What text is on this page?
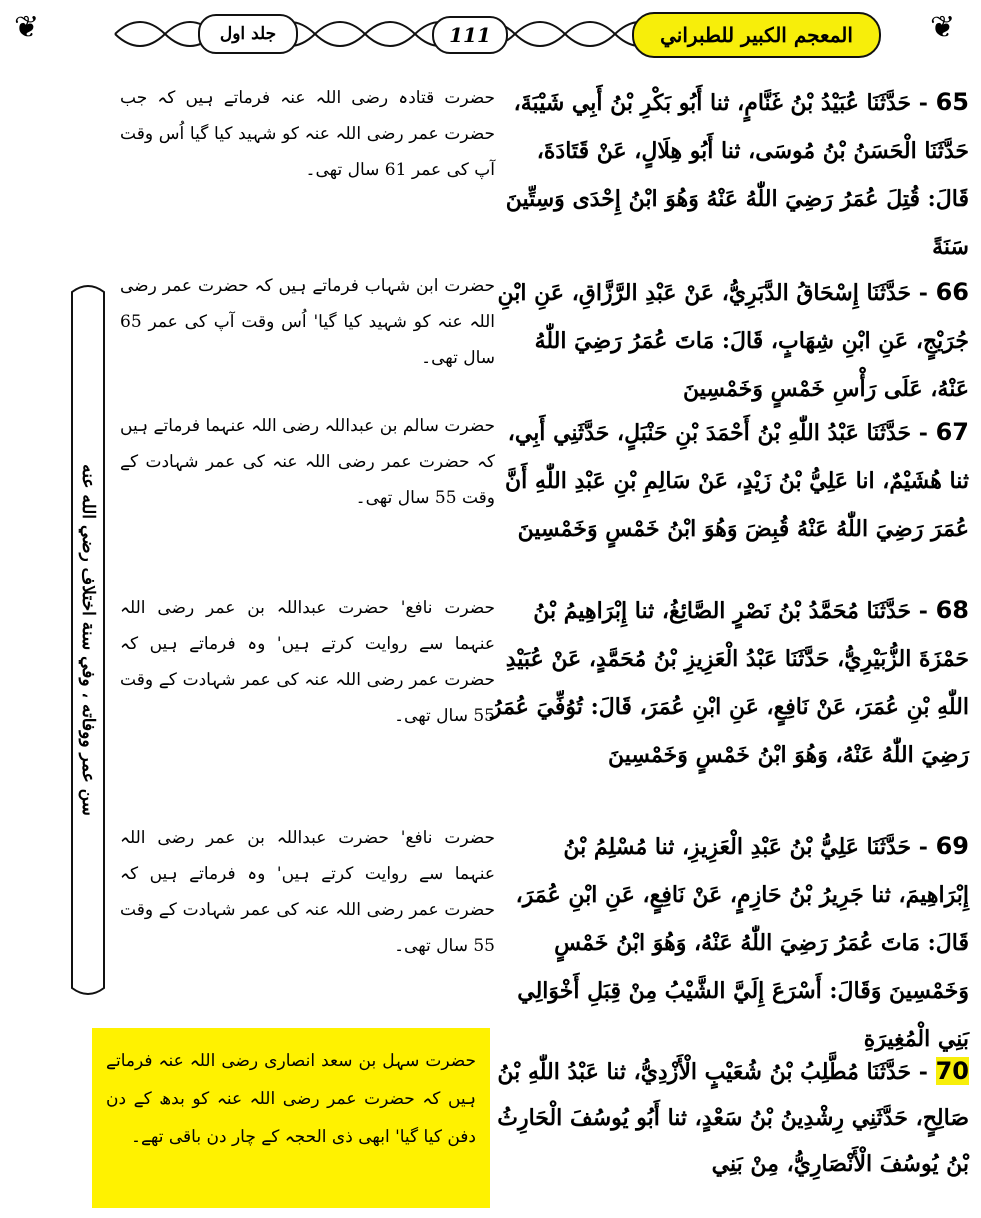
❦	جلد اول	111	المعجم الكبير للطبراني	❦
سن عمر ووفاته ، وفي سنة اختلاف رضي الله عنه
65 - حَدَّثَنَا عُبَيْدُ بْنُ غَنَّامٍ، ثنا أَبُو بَكْرِ بْنُ أَبِي شَيْبَةَ، حَدَّثَنَا الْحَسَنُ بْنُ مُوسَى، ثنا أَبُو هِلَالٍ، عَنْ قَتَادَةَ، قَالَ: قُتِلَ عُمَرُ رَضِيَ اللّٰهُ عَنْهُ وَهُوَ ابْنُ إِحْدَى وَسِتِّينَ سَنَةً
حضرت قتادہ رضی اللہ عنہ فرماتے ہیں کہ جب حضرت عمر رضی اللہ عنہ کو شہید کیا گیا اُس وقت آپ کی عمر 61 سال تھی۔
66 - حَدَّثَنَا إِسْحَاقُ الدَّبَرِيُّ، عَنْ عَبْدِ الرَّزَّاقِ، عَنِ ابْنِ جُرَيْجٍ، عَنِ ابْنِ شِهَابٍ، قَالَ: مَاتَ عُمَرُ رَضِيَ اللّٰهُ عَنْهُ، عَلَى رَأْسِ خَمْسٍ وَخَمْسِينَ
حضرت ابن شہاب فرماتے ہیں کہ حضرت عمر رضی اللہ عنہ کو شہید کیا گیا' اُس وقت آپ کی عمر 65 سال تھی۔
67 - حَدَّثَنَا عَبْدُ اللّٰهِ بْنُ أَحْمَدَ بْنِ حَنْبَلٍ، حَدَّثَنِي أَبِي، ثنا هُشَيْمٌ، انا عَلِيُّ بْنُ زَيْدٍ، عَنْ سَالِمِ بْنِ عَبْدِ اللّٰهِ أَنَّ عُمَرَ رَضِيَ اللّٰهُ عَنْهُ قُبِضَ وَهُوَ ابْنُ خَمْسٍ وَخَمْسِينَ
حضرت سالم بن عبداللہ رضی اللہ عنہما فرماتے ہیں کہ حضرت عمر رضی اللہ عنہ کی عمر شہادت کے وقت 55 سال تھی۔
68 - حَدَّثَنَا مُحَمَّدُ بْنُ نَصْرٍ الصَّائِغُ، ثنا إِبْرَاهِيمُ بْنُ حَمْزَةَ الزُّبَيْرِيُّ، حَدَّثَنَا عَبْدُ الْعَزِيزِ بْنُ مُحَمَّدٍ، عَنْ عُبَيْدِ اللّٰهِ بْنِ عُمَرَ، عَنْ نَافِعٍ، عَنِ ابْنِ عُمَرَ، قَالَ: تُوُفِّيَ عُمَرُ رَضِيَ اللّٰهُ عَنْهُ، وَهُوَ ابْنُ خَمْسٍ وَخَمْسِينَ
حضرت نافع' حضرت عبداللہ بن عمر رضی اللہ عنہما سے روایت کرتے ہیں' وہ فرماتے ہیں کہ حضرت عمر رضی اللہ عنہ کی عمر شہادت کے وقت 55 سال تھی۔
69 - حَدَّثَنَا عَلِيُّ بْنُ عَبْدِ الْعَزِيزِ، ثنا مُسْلِمُ بْنُ إِبْرَاهِيمَ، ثنا جَرِيرُ بْنُ حَازِمٍ، عَنْ نَافِعٍ، عَنِ ابْنِ عُمَرَ، قَالَ: مَاتَ عُمَرُ رَضِيَ اللّٰهُ عَنْهُ، وَهُوَ ابْنُ خَمْسٍ وَخَمْسِينَ وَقَالَ: أَسْرَعَ إِلَيَّ الشَّيْبُ مِنْ قِبَلِ أَخْوَالِي بَنِي الْمُغِيرَةِ
حضرت نافع' حضرت عبداللہ بن عمر رضی اللہ عنہما سے روایت کرتے ہیں' وہ فرماتے ہیں کہ حضرت عمر رضی اللہ عنہ کی عمر شہادت کے وقت 55 سال تھی۔
70 - حَدَّثَنَا مُطَّلِبُ بْنُ شُعَيْبٍ الْأَزْدِيُّ، ثنا عَبْدُ اللّٰهِ بْنُ صَالِحٍ، حَدَّثَنِي رِشْدِينُ بْنُ سَعْدٍ، ثنا أَبُو يُوسُفَ الْحَارِثُ بْنُ يُوسُفَ الْأَنْصَارِيُّ، مِنْ بَنِي

حضرت سہل بن سعد انصاری رضی اللہ عنہ فرماتے ہیں کہ حضرت عمر رضی اللہ عنہ کو بدھ کے دن دفن کیا گیا' ابھی ذی الحجہ کے چار دن باقی تھے۔
